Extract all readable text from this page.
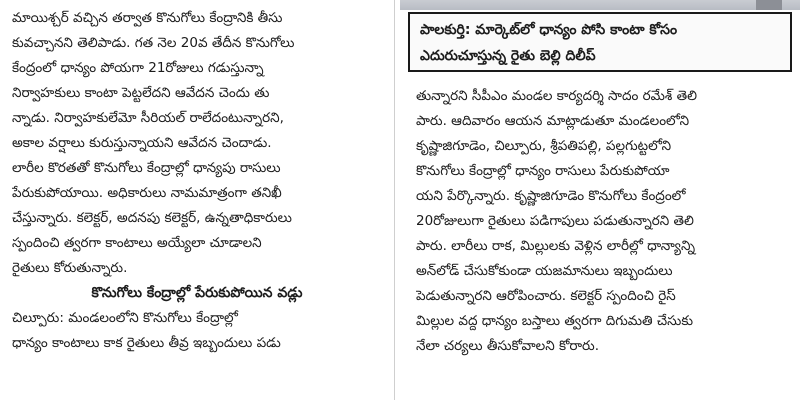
మాయిశ్చర్ వచ్చిన తర్వాత కొనుగోలు కేంద్రానికి తీసు
కువచ్చానని తెలిపాడు. గత నెల 20వ తేదీన కొనుగోలు
కేంద్రంలో ధాన్యం పోయగా 21రోజులు గడుస్తున్నా
నిర్వాహకులు కాంటా పెట్టలేదని ఆవేదన చెందు తు
న్నాడు. నిర్వాహకులేమో సీరియల్ రాలేదంటున్నారని,
అకాల వర్షాలు కురుస్తున్నాయని ఆవేదన చెందాడు.
లారీల కొరతతో కొనుగోలు కేంద్రాల్లో ధాన్యపు రాసులు
పేరుకుపోయాయి. అధికారులు నామమాత్రంగా తనిఖీ
చేస్తున్నారు. కలెక్టర్, అదనపు కలెక్టర్, ఉన్నతాధికారులు
స్పందించి త్వరగా కాంటాలు అయ్యేలా చూడాలని
రైతులు కోరుతున్నారు.
కొనుగోలు కేంద్రాల్లో పేరుకుపోయిన వడ్లు
చిల్పూరు: మండలంలోని కొనుగోలు కేంద్రాల్లో
ధాన్యం కాంటాలు కాక రైతులు తీవ్ర ఇబ్బందులు పడు
పాలకుర్తి: మార్కెట్‌లో ధాన్యం పోసి కాంటా కోసం
ఎదురుచూస్తున్న రైతు బెల్లి దిలీప్
తున్నారని సీపీఎం మండల కార్యదర్శి సాదం రమేశ్ తెలి
పారు. ఆదివారం ఆయన మాట్లాడుతూ మండలంలోని
కృష్ణాజిగూడెం, చిల్పూరు, శ్రీపతిపల్లి, పల్లగుట్టలోని
కొనుగోలు కేంద్రాల్లో ధాన్యం రాసులు పేరుకుపోయా
యని పేర్కొన్నారు. కృష్ణాజిగూడెం కొనుగోలు కేంద్రంలో
20రోజులుగా రైతులు పడిగాపులు పడుతున్నారని తెలి
పారు. లారీలు రాక, మిల్లులకు వెళ్లిన లారీల్లో ధాన్యాన్ని
అన్‌లోడ్ చేసుకోకుండా యజమానులు ఇబ్బందులు
పెడుతున్నారని ఆరోపించారు. కలెక్టర్ స్పందించి రైస్
మిల్లుల వద్ద ధాన్యం బస్తాలు త్వరగా దిగుమతి చేసుకు
నేలా చర్యలు తీసుకోవాలని కోరారు.
